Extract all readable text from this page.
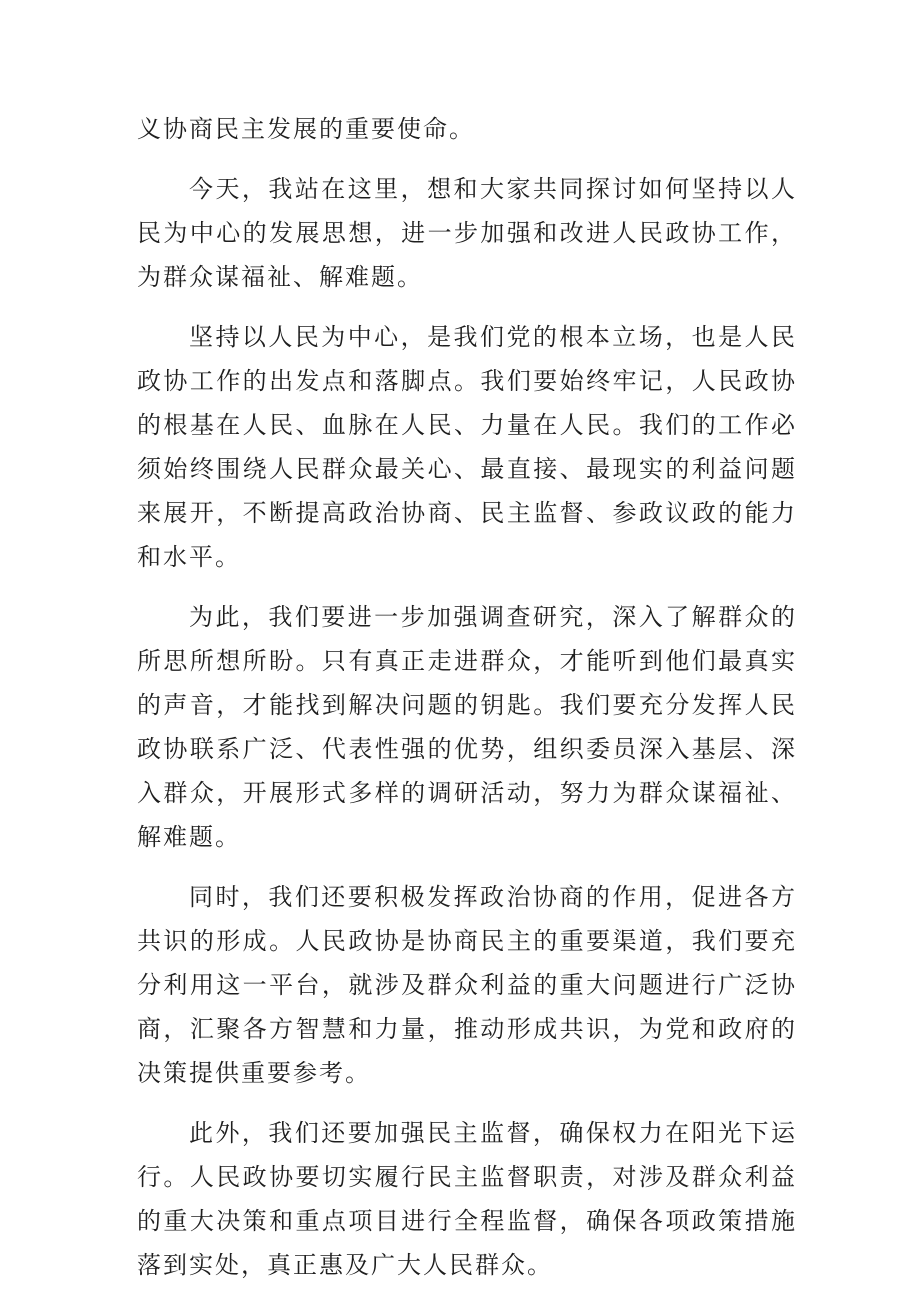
义协商民主发展的重要使命。

今天，我站在这里，想和大家共同探讨如何坚持以人民为中心的发展思想，进一步加强和改进人民政协工作，为群众谋福祉、解难题。

坚持以人民为中心，是我们党的根本立场，也是人民政协工作的出发点和落脚点。我们要始终牢记，人民政协的根基在人民、血脉在人民、力量在人民。我们的工作必须始终围绕人民群众最关心、最直接、最现实的利益问题来展开，不断提高政治协商、民主监督、参政议政的能力和水平。

为此，我们要进一步加强调查研究，深入了解群众的所思所想所盼。只有真正走进群众，才能听到他们最真实的声音，才能找到解决问题的钥匙。我们要充分发挥人民政协联系广泛、代表性强的优势，组织委员深入基层、深入群众，开展形式多样的调研活动，努力为群众谋福祉、解难题。

同时，我们还要积极发挥政治协商的作用，促进各方共识的形成。人民政协是协商民主的重要渠道，我们要充分利用这一平台，就涉及群众利益的重大问题进行广泛协商，汇聚各方智慧和力量，推动形成共识，为党和政府的决策提供重要参考。

此外，我们还要加强民主监督，确保权力在阳光下运行。人民政协要切实履行民主监督职责，对涉及群众利益的重大决策和重点项目进行全程监督，确保各项政策措施落到实处，真正惠及广大人民群众。
